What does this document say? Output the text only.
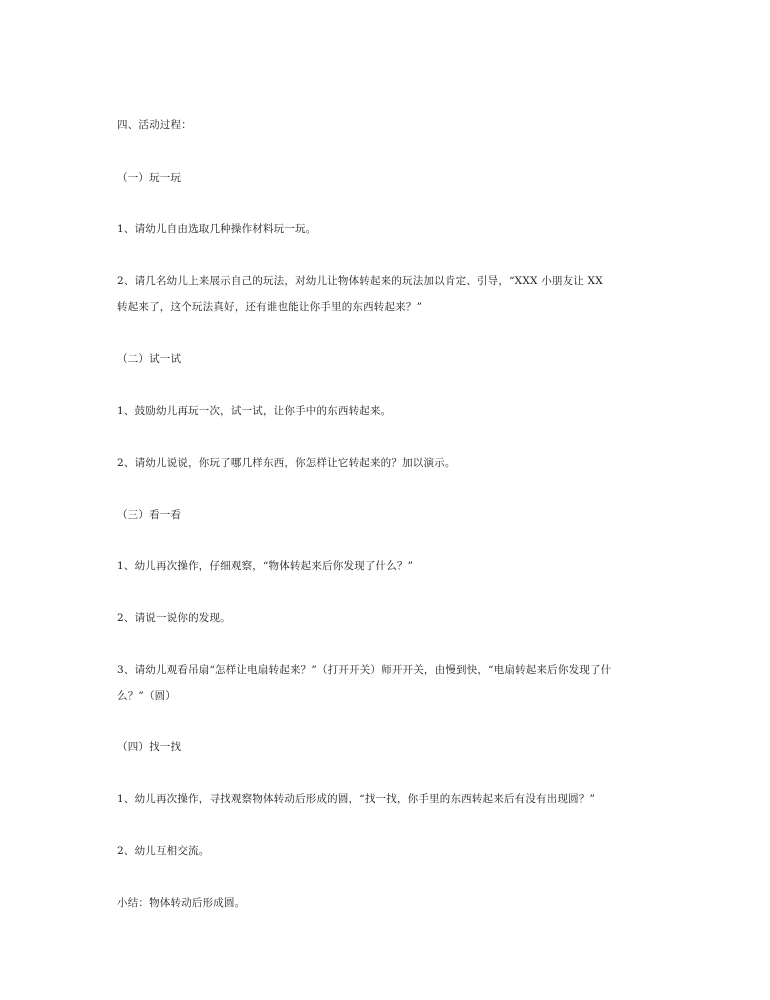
四、活动过程：
（一）玩一玩
1、请幼儿自由选取几种操作材料玩一玩。
2、请几名幼儿上来展示自己的玩法，对幼儿让物体转起来的玩法加以肯定、引导，“XXX 小朋友让 XX
转起来了，这个玩法真好，还有谁也能让你手里的东西转起来？”
（二）试一试
1、鼓励幼儿再玩一次，试一试，让你手中的东西转起来。
2、请幼儿说说，你玩了哪几样东西，你怎样让它转起来的？加以演示。
（三）看一看
1、幼儿再次操作，仔细观察，“物体转起来后你发现了什么？”
2、请说一说你的发现。
3、请幼儿观看吊扇“怎样让电扇转起来？”（打开开关）师开开关，由慢到快，“电扇转起来后你发现了什
么？”（圆）
（四）找一找
1、幼儿再次操作，寻找观察物体转动后形成的圆，“找一找，你手里的东西转起来后有没有出现圆？”
2、幼儿互相交流。
小结：物体转动后形成圆。
